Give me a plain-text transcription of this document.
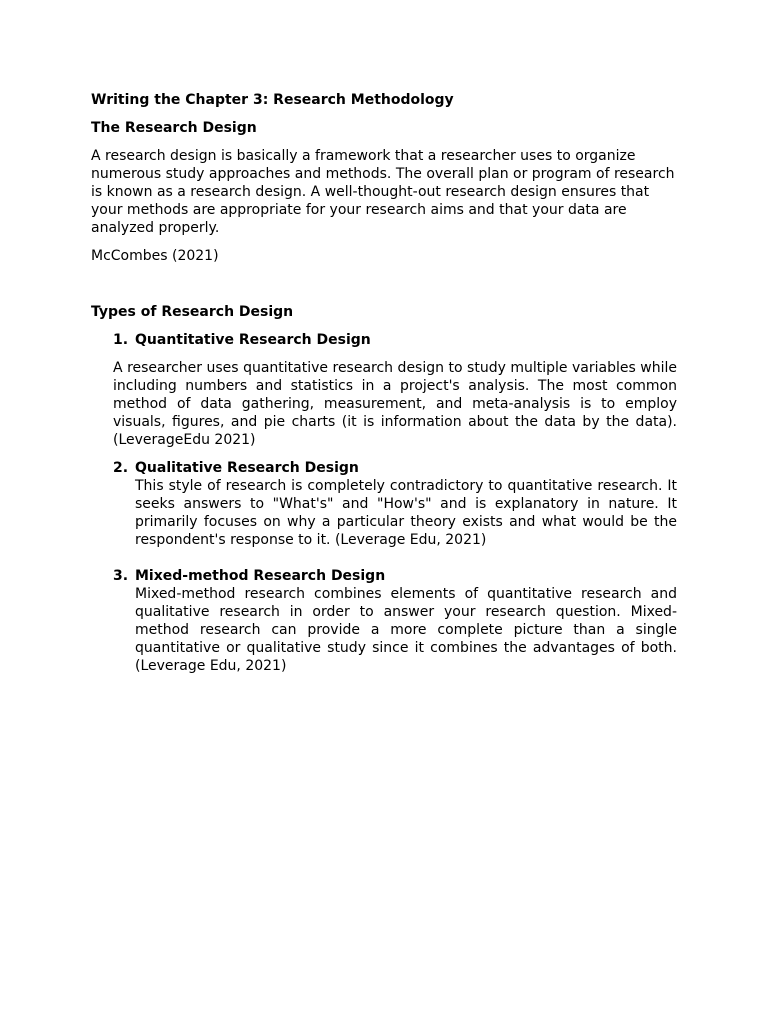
Writing the Chapter 3: Research Methodology
The Research Design
A research design is basically a framework that a researcher uses to organize numerous study approaches and methods. The overall plan or program of research is known as a research design. A well-thought-out research design ensures that your methods are appropriate for your research aims and that your data are analyzed properly.
McCombes (2021)
Types of Research Design
1. Quantitative Research Design
A researcher uses quantitative research design to study multiple variables while including numbers and statistics in a project's analysis. The most common method of data gathering, measurement, and meta-analysis is to employ visuals, figures, and pie charts (it is information about the data by the data). (LeverageEdu 2021)
2. Qualitative Research Design
This style of research is completely contradictory to quantitative research. It seeks answers to "What's" and "How's" and is explanatory in nature. It primarily focuses on why a particular theory exists and what would be the respondent's response to it. (Leverage Edu, 2021)
3. Mixed-method Research Design
Mixed-method research combines elements of quantitative research and qualitative research in order to answer your research question. Mixed-method research can provide a more complete picture than a single quantitative or qualitative study since it combines the advantages of both. (Leverage Edu, 2021)
